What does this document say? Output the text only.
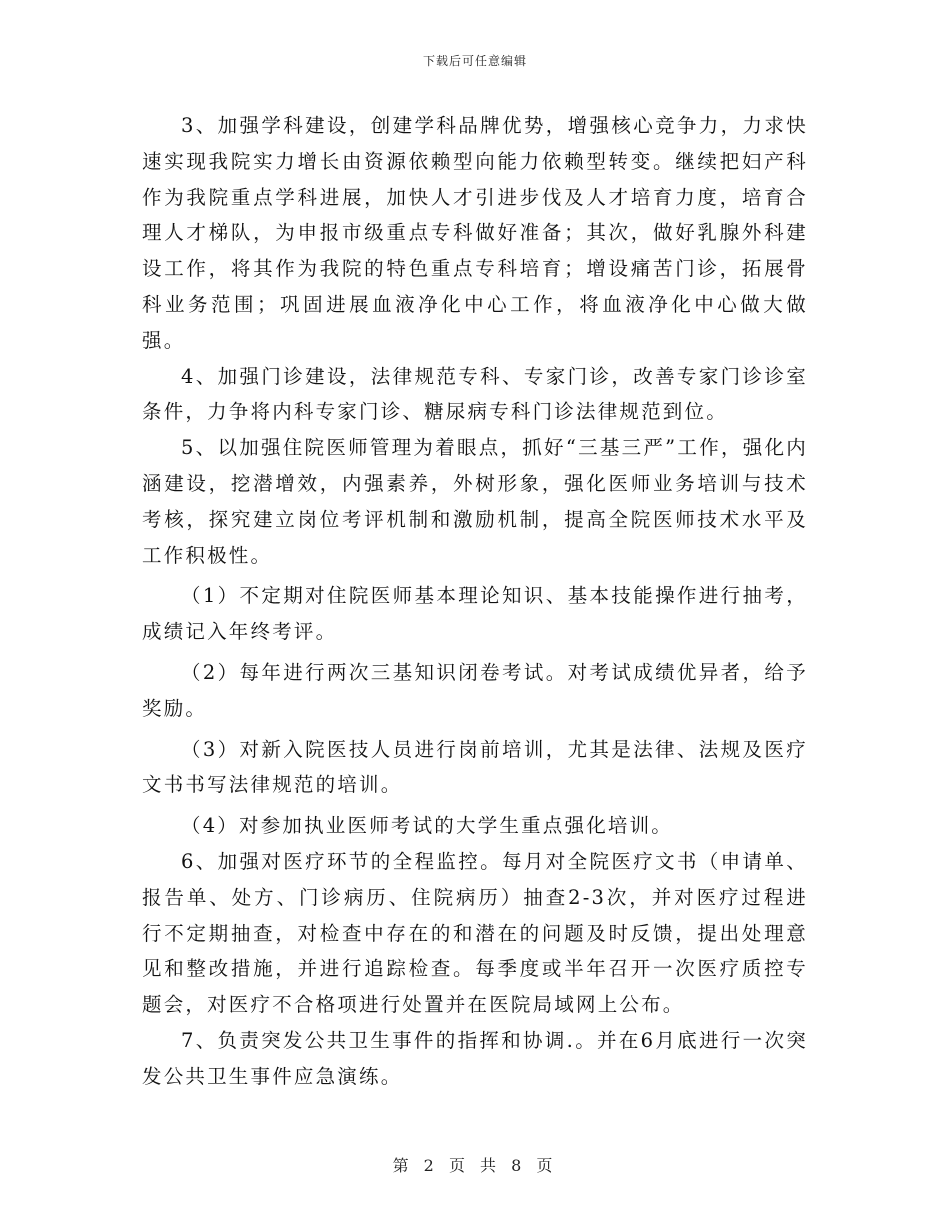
下载后可任意编辑

3、加强学科建设，创建学科品牌优势，增强核心竞争力，力求快速实现我院实力增长由资源依赖型向能力依赖型转变。继续把妇产科作为我院重点学科进展，加快人才引进步伐及人才培育力度，培育合理人才梯队，为申报市级重点专科做好准备；其次，做好乳腺外科建设工作，将其作为我院的特色重点专科培育；增设痛苦门诊，拓展骨科业务范围；巩固进展血液净化中心工作，将血液净化中心做大做强。

4、加强门诊建设，法律规范专科、专家门诊，改善专家门诊诊室条件，力争将内科专家门诊、糖尿病专科门诊法律规范到位。

5、以加强住院医师管理为着眼点，抓好“三基三严”工作，强化内涵建设，挖潜增效，内强素养，外树形象，强化医师业务培训与技术考核，探究建立岗位考评机制和激励机制，提高全院医师技术水平及工作积极性。

（1）不定期对住院医师基本理论知识、基本技能操作进行抽考，成绩记入年终考评。

（2）每年进行两次三基知识闭卷考试。对考试成绩优异者，给予奖励。

（3）对新入院医技人员进行岗前培训，尤其是法律、法规及医疗文书书写法律规范的培训。

（4）对参加执业医师考试的大学生重点强化培训。

6、加强对医疗环节的全程监控。每月对全院医疗文书（申请单、报告单、处方、门诊病历、住院病历）抽查2-3次，并对医疗过程进行不定期抽查，对检查中存在的和潜在的问题及时反馈，提出处理意见和整改措施，并进行追踪检查。每季度或半年召开一次医疗质控专题会，对医疗不合格项进行处置并在医院局域网上公布。

7、负责突发公共卫生事件的指挥和协调.。并在6月底进行一次突发公共卫生事件应急演练。

第 2 页 共 8 页
